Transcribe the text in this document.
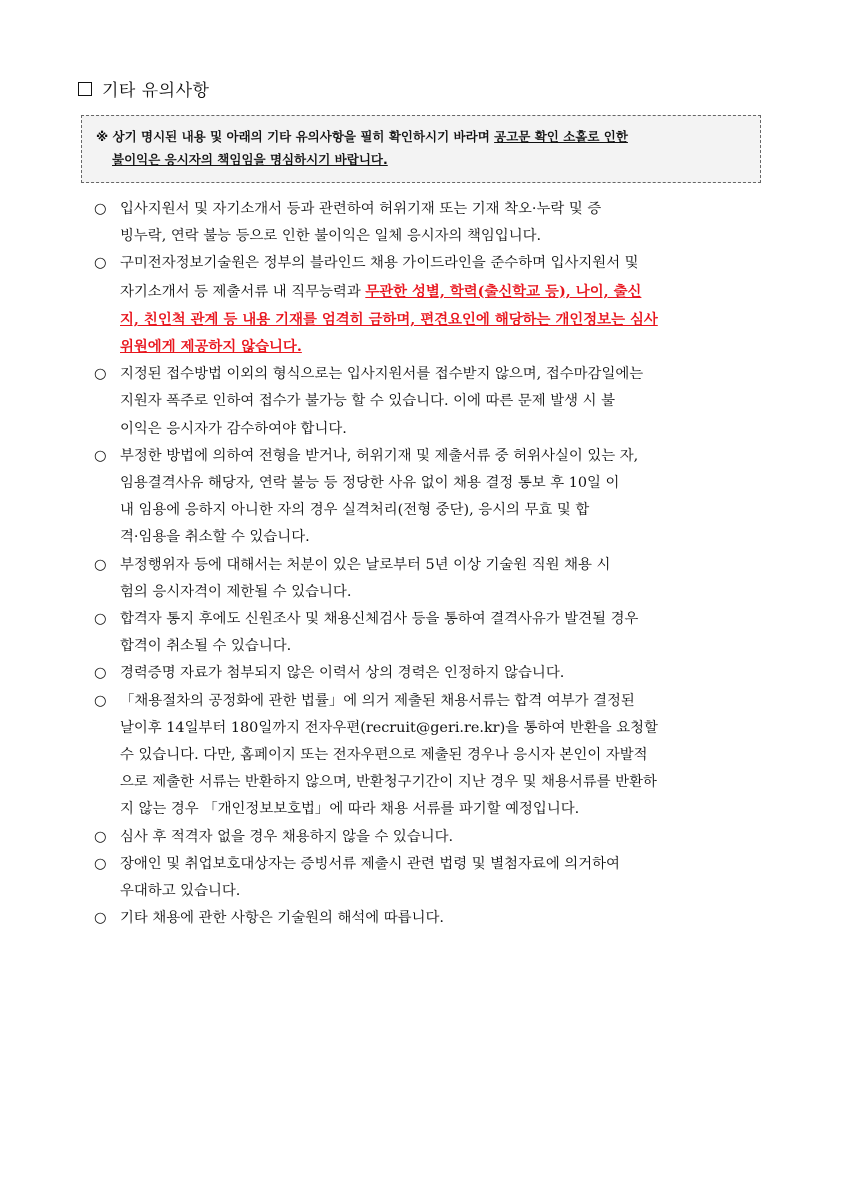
기타 유의사항
※ 상기 명시된 내용 및 아래의 기타 유의사항을 필히 확인하시기 바라며 공고문 확인 소홀로 인한
불이익은 응시자의 책임임을 명심하시기 바랍니다.
○ 입사지원서 및 자기소개서 등과 관련하여 허위기재 또는 기재 착오·누락 및 증
빙누락, 연락 불능 등으로 인한 불이익은 일체 응시자의 책임입니다.
○ 구미전자정보기술원은 정부의 블라인드 채용 가이드라인을 준수하며 입사지원서 및
자기소개서 등 제출서류 내 직무능력과 무관한 성별, 학력(출신학교 등), 나이, 출신
지, 친인척 관계 등 내용 기재를 엄격히 금하며, 편견요인에 해당하는 개인정보는 심사
위원에게 제공하지 않습니다.
○ 지정된 접수방법 이외의 형식으로는 입사지원서를 접수받지 않으며, 접수마감일에는
지원자 폭주로 인하여 접수가 불가능 할 수 있습니다. 이에 따른 문제 발생 시 불
이익은 응시자가 감수하여야 합니다.
○ 부정한 방법에 의하여 전형을 받거나, 허위기재 및 제출서류 중 허위사실이 있는 자,
임용결격사유 해당자, 연락 불능 등 정당한 사유 없이 채용 결정 통보 후 10일 이
내 임용에 응하지 아니한 자의 경우 실격처리(전형 중단), 응시의 무효 및 합
격·임용을 취소할 수 있습니다.
○ 부정행위자 등에 대해서는 처분이 있은 날로부터 5년 이상 기술원 직원 채용 시
험의 응시자격이 제한될 수 있습니다.
○ 합격자 통지 후에도 신원조사 및 채용신체검사 등을 통하여 결격사유가 발견될 경우
합격이 취소될 수 있습니다.
○ 경력증명 자료가 첨부되지 않은 이력서 상의 경력은 인정하지 않습니다.
○ 「채용절차의 공정화에 관한 법률」에 의거 제출된 채용서류는 합격 여부가 결정된
날이후 14일부터 180일까지 전자우편(recruit@geri.re.kr)을 통하여 반환을 요청할
수 있습니다. 다만, 홈페이지 또는 전자우편으로 제출된 경우나 응시자 본인이 자발적
으로 제출한 서류는 반환하지 않으며, 반환청구기간이 지난 경우 및 채용서류를 반환하
지 않는 경우 「개인정보보호법」에 따라 채용 서류를 파기할 예정입니다.
○ 심사 후 적격자 없을 경우 채용하지 않을 수 있습니다.
○ 장애인 및 취업보호대상자는 증빙서류 제출시 관련 법령 및 별첨자료에 의거하여
우대하고 있습니다.
○ 기타 채용에 관한 사항은 기술원의 해석에 따릅니다.
